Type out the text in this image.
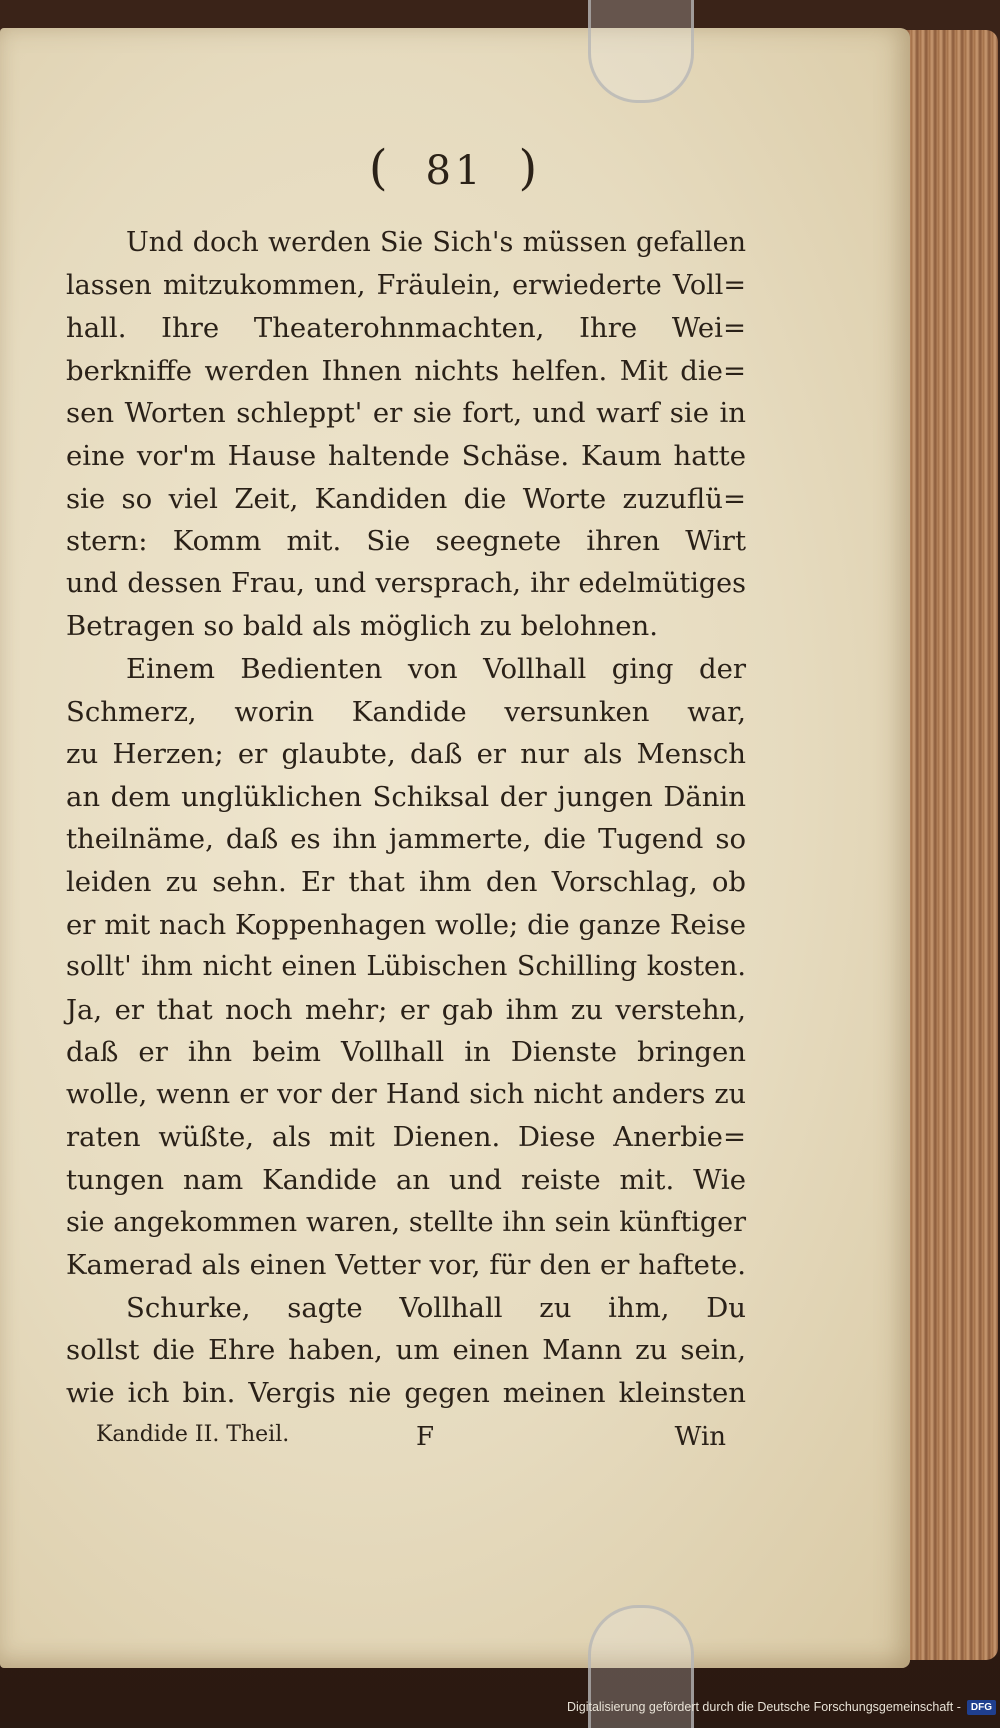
( 81 )
Und doch werden Sie Sich's müssen gefallen
lassen mitzukommen, Fräulein, erwiederte Voll=
hall. Ihre Theaterohnmachten, Ihre Wei=
berkniffe werden Ihnen nichts helfen. Mit die=
sen Worten schleppt' er sie fort, und warf sie in
eine vor'm Hause haltende Schäse. Kaum hatte
sie so viel Zeit, Kandiden die Worte zuzuflü=
stern: Komm mit. Sie seegnete ihren Wirt
und dessen Frau, und versprach, ihr edelmütiges
Betragen so bald als möglich zu belohnen.
Einem Bedienten von Vollhall ging der
Schmerz, worin Kandide versunken war,
zu Herzen; er glaubte, daß er nur als Mensch
an dem unglüklichen Schiksal der jungen Dänin
theilnäme, daß es ihn jammerte, die Tugend so
leiden zu sehn. Er that ihm den Vorschlag, ob
er mit nach Koppenhagen wolle; die ganze Reise
sollt' ihm nicht einen Lübischen Schilling kosten.
Ja, er that noch mehr; er gab ihm zu verstehn,
daß er ihn beim Vollhall in Dienste bringen
wolle, wenn er vor der Hand sich nicht anders zu
raten wüßte, als mit Dienen. Diese Anerbie=
tungen nam Kandide an und reiste mit. Wie
sie angekommen waren, stellte ihn sein künftiger
Kamerad als einen Vetter vor, für den er haftete.
Schurke, sagte Vollhall zu ihm, Du
sollst die Ehre haben, um einen Mann zu sein,
wie ich bin. Vergis nie gegen meinen kleinsten
Kandide II. Theil.	F	Win
Digitalisierung gefördert durch die Deutsche Forschungsgemeinschaft -	DFG
